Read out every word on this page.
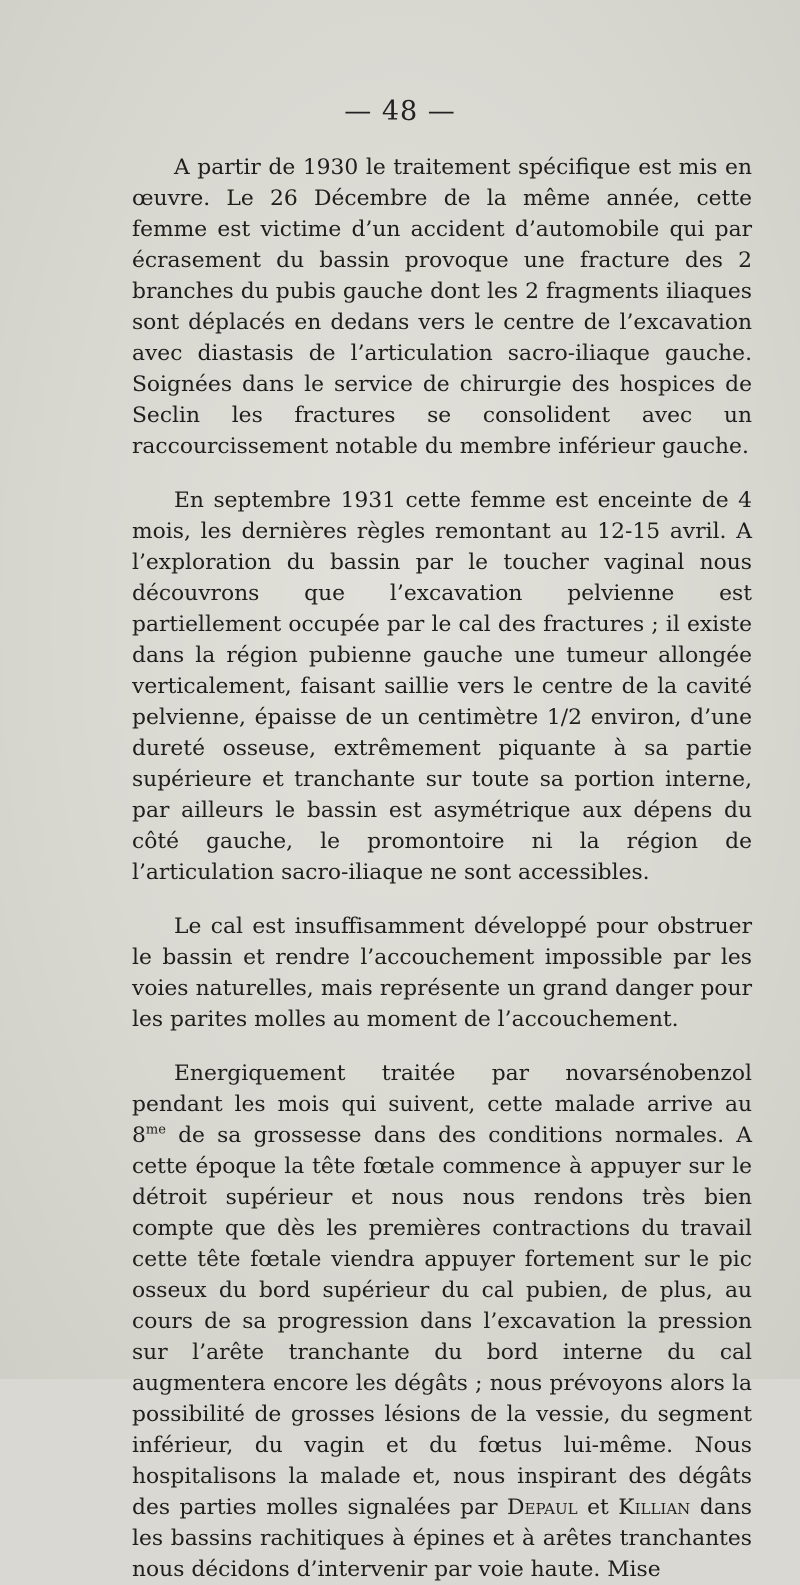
— 48 —

A partir de 1930 le traitement spécifique est mis en œuvre. Le 26 Décembre de la même année, cette femme est victime d’un accident d’automobile qui par écrasement du bassin provoque une fracture des 2 branches du pubis gauche dont les 2 fragments iliaques sont déplacés en dedans vers le centre de l’excavation avec diastasis de l’articulation sacro-iliaque gauche. Soignées dans le service de chirurgie des hospices de Seclin les fractures se consolident avec un raccourcissement notable du membre inférieur gauche.

En septembre 1931 cette femme est enceinte de 4 mois, les dernières règles remontant au 12-15 avril. A l’exploration du bassin par le toucher vaginal nous découvrons que l’excavation pelvienne est partiellement occupée par le cal des fractures ; il existe dans la région pubienne gauche une tumeur allongée verticalement, faisant saillie vers le centre de la cavité pelvienne, épaisse de un centimètre 1/2 environ, d’une dureté osseuse, extrêmement piquante à sa partie supérieure et tranchante sur toute sa portion interne, par ailleurs le bassin est asymétrique aux dépens du côté gauche, le promontoire ni la région de l’articulation sacro-iliaque ne sont accessibles.

Le cal est insuffisamment développé pour obstruer le bassin et rendre l’accouchement impossible par les voies naturelles, mais représente un grand danger pour les parites molles au moment de l’accouchement.

Energiquement traitée par novarsénobenzol pendant les mois qui suivent, cette malade arrive au $8^{me}$ de sa grossesse dans des conditions normales. A cette époque la tête fœtale commence à appuyer sur le détroit supérieur et nous nous rendons très bien compte que dès les premières contractions du travail cette tête fœtale viendra appuyer fortement sur le pic osseux du bord supérieur du cal pubien, de plus, au cours de sa progression dans l’excavation la pression sur l’arête tranchante du bord interne du cal augmentera encore les dégâts ; nous prévoyons alors la possibilité de grosses lésions de la vessie, du segment inférieur, du vagin et du fœtus lui-même. Nous hospitalisons la malade et, nous inspirant des dégâts des parties molles signalées par Depaul et Killian dans les bassins rachitiques à épines et à arêtes tranchantes nous décidons d’intervenir par voie haute. Mise
